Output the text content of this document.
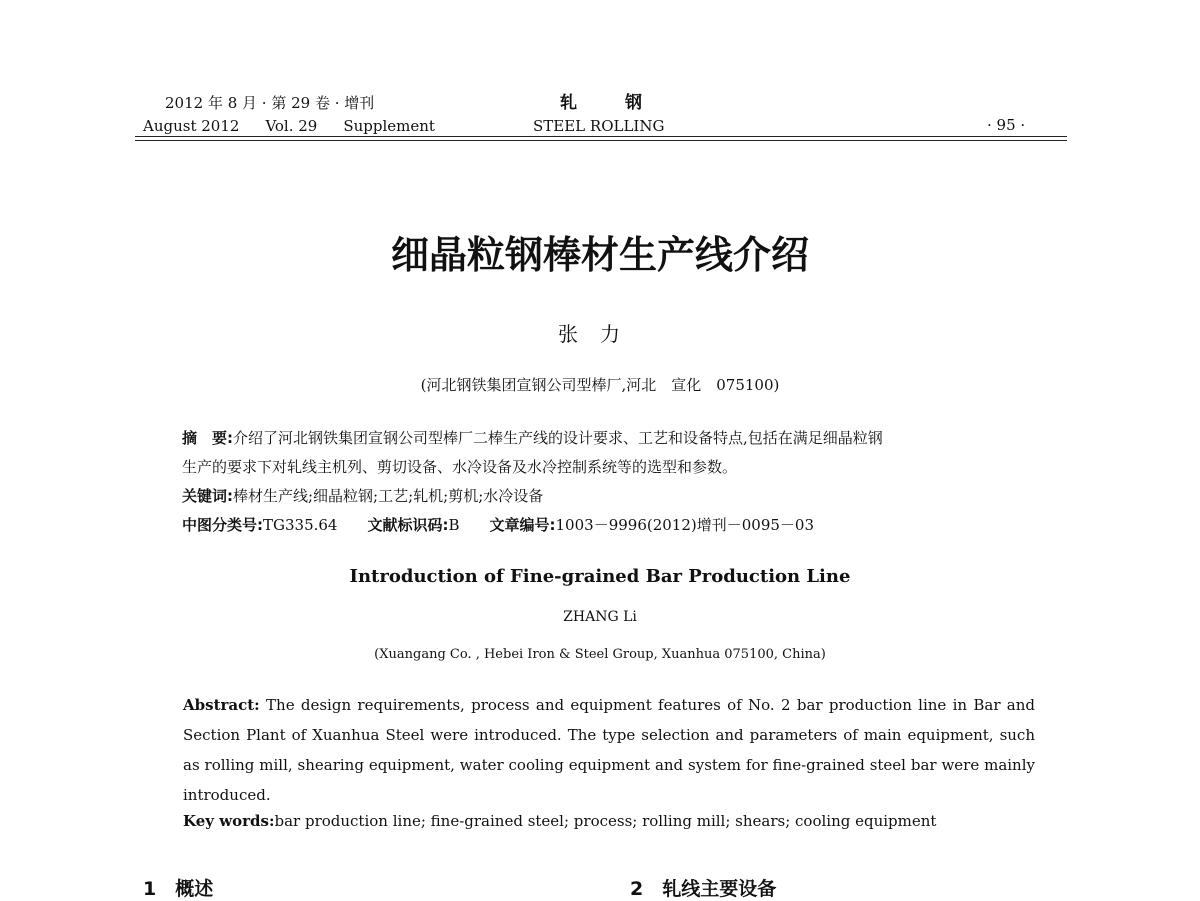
2012 年 8 月 · 第 29 卷 · 增刊
August 2012 Vol. 29 Supplement
轧钢
STEEL ROLLING	· 95 ·
细晶粒钢棒材生产线介绍
张力
(河北钢铁集团宣钢公司型棒厂,河北　宣化　075100)
摘　要:介绍了河北钢铁集团宣钢公司型棒厂二棒生产线的设计要求、工艺和设备特点,包括在满足细晶粒钢
生产的要求下对轧线主机列、剪切设备、水冷设备及水冷控制系统等的选型和参数。
关键词:棒材生产线;细晶粒钢;工艺;轧机;剪机;水冷设备
中图分类号:TG335.64 文献标识码:B 文章编号:1003－9996(2012)增刊－0095－03
Introduction of Fine-grained Bar Production Line
ZHANG Li
(Xuangang Co. , Hebei Iron & Steel Group, Xuanhua 075100, China)
Abstract: The design requirements, process and equipment features of No. 2 bar production line in Bar and Section Plant of Xuanhua Steel were introduced. The type selection and parameters of main equipment, such as rolling mill, shearing equipment, water cooling equipment and system for fine-grained steel bar were mainly introduced.
Key words:bar production line; fine-grained steel; process; rolling mill; shears; cooling equipment
1　概述	2　轧线主要设备
